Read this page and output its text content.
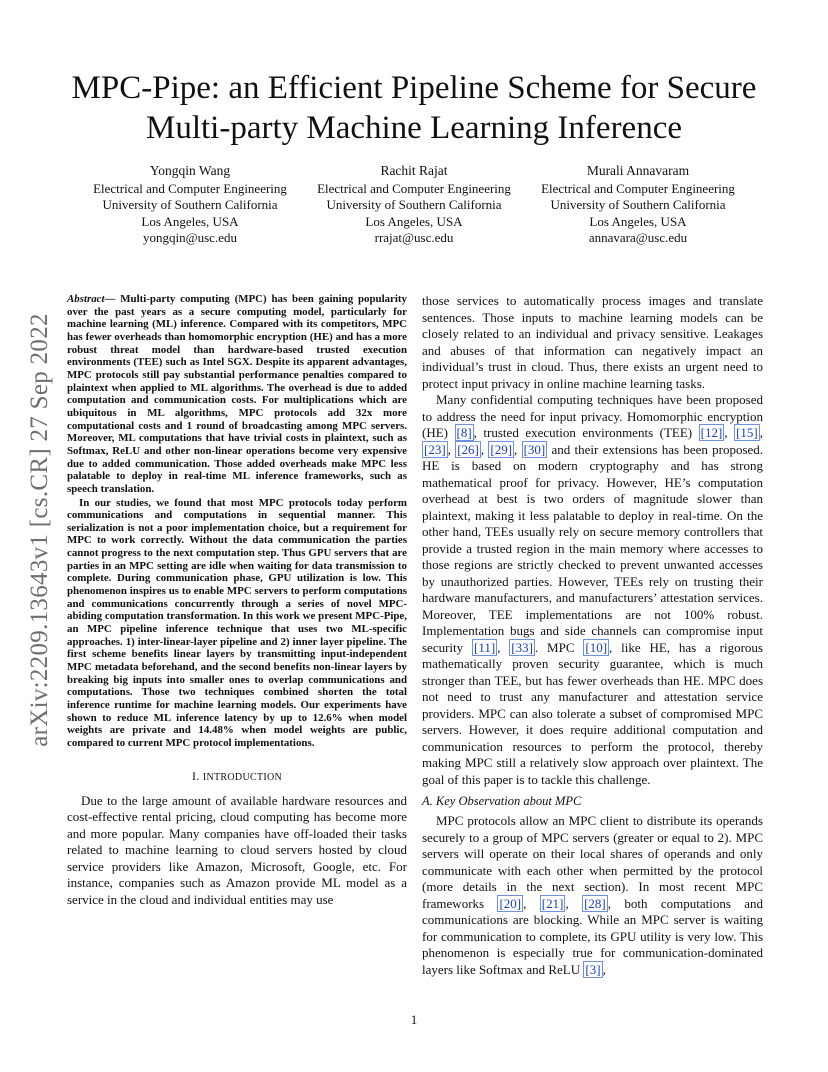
MPC-Pipe: an Efficient Pipeline Scheme for Secure
Multi-party Machine Learning Inference
Yongqin Wang
Electrical and Computer Engineering
University of Southern California
Los Angeles, USA
yongqin@usc.edu
Rachit Rajat
Electrical and Computer Engineering
University of Southern California
Los Angeles, USA
rrajat@usc.edu
Murali Annavaram
Electrical and Computer Engineering
University of Southern California
Los Angeles, USA
annavara@usc.edu
arXiv:2209.13643v1 [cs.CR] 27 Sep 2022

Abstract— Multi-party computing (MPC) has been gaining popularity over the past years as a secure computing model, particularly for machine learning (ML) inference. Compared with its competitors, MPC has fewer overheads than homomorphic encryption (HE) and has a more robust threat model than hardware-based trusted execution environments (TEE) such as Intel SGX. Despite its apparent advantages, MPC protocols still pay substantial performance penalties compared to plaintext when applied to ML algorithms. The overhead is due to added computation and communication costs. For multiplications which are ubiquitous in ML algorithms, MPC protocols add 32x more computational costs and 1 round of broadcasting among MPC servers. Moreover, ML computations that have trivial costs in plaintext, such as Softmax, ReLU and other non-linear operations become very expensive due to added communication. Those added overheads make MPC less palatable to deploy in real-time ML inference frameworks, such as speech translation.

In our studies, we found that most MPC protocols today perform communications and computations in sequential manner. This serialization is not a poor implementation choice, but a requirement for MPC to work correctly. Without the data communication the parties cannot progress to the next computation step. Thus GPU servers that are parties in an MPC setting are idle when waiting for data transmission to complete. During communication phase, GPU utilization is low. This phenomenon inspires us to enable MPC servers to perform computations and communications concurrently through a series of novel MPC-abiding computation transformation. In this work we present MPC-Pipe, an MPC pipeline inference technique that uses two ML-specific approaches. 1) inter-linear-layer pipeline and 2) inner layer pipeline. The first scheme benefits linear layers by transmitting input-independent MPC metadata beforehand, and the second benefits non-linear layers by breaking big inputs into smaller ones to overlap communications and computations. Those two techniques combined shorten the total inference runtime for machine learning models. Our experiments have shown to reduce ML inference latency by up to 12.6% when model weights are private and 14.48% when model weights are public, compared to current MPC protocol implementations.

I. INTRODUCTION

Due to the large amount of available hardware resources and cost-effective rental pricing, cloud computing has become more and more popular. Many companies have off-loaded their tasks related to machine learning to cloud servers hosted by cloud service providers like Amazon, Microsoft, Google, etc. For instance, companies such as Amazon provide ML model as a service in the cloud and individual entities may use

those services to automatically process images and translate sentences. Those inputs to machine learning models can be closely related to an individual and privacy sensitive. Leakages and abuses of that information can negatively impact an individual’s trust in cloud. Thus, there exists an urgent need to protect input privacy in online machine learning tasks.

Many confidential computing techniques have been proposed to address the need for input privacy. Homomorphic encryption (HE) [8] , trusted execution environments (TEE) [12] , [15] , [23] , [26] , [29] , [30] and their extensions has been proposed. HE is based on modern cryptography and has strong mathematical proof for privacy. However, HE’s computation overhead at best is two orders of magnitude slower than plaintext, making it less palatable to deploy in real-time. On the other hand, TEEs usually rely on secure memory controllers that provide a trusted region in the main memory where accesses to those regions are strictly checked to prevent unwanted accesses by unauthorized parties. However, TEEs rely on trusting their hardware manufacturers, and manufacturers’ attestation services. Moreover, TEE implementations are not 100% robust. Implementation bugs and side channels can compromise input security [11] , [33] . MPC [10] , like HE, has a rigorous mathematically proven security guarantee, which is much stronger than TEE, but has fewer overheads than HE. MPC does not need to trust any manufacturer and attestation service providers. MPC can also tolerate a subset of compromised MPC servers. However, it does require additional computation and communication resources to perform the protocol, thereby making MPC still a relatively slow approach over plaintext. The goal of this paper is to tackle this challenge.

A. Key Observation about MPC

MPC protocols allow an MPC client to distribute its operands securely to a group of MPC servers (greater or equal to 2). MPC servers will operate on their local shares of operands and only communicate with each other when permitted by the protocol (more details in the next section). In most recent MPC frameworks [20] , [21] , [28] , both computations and communications are blocking. While an MPC server is waiting for communication to complete, its GPU utility is very low. This phenomenon is especially true for communication-dominated layers like Softmax and ReLU [3] ,

1
